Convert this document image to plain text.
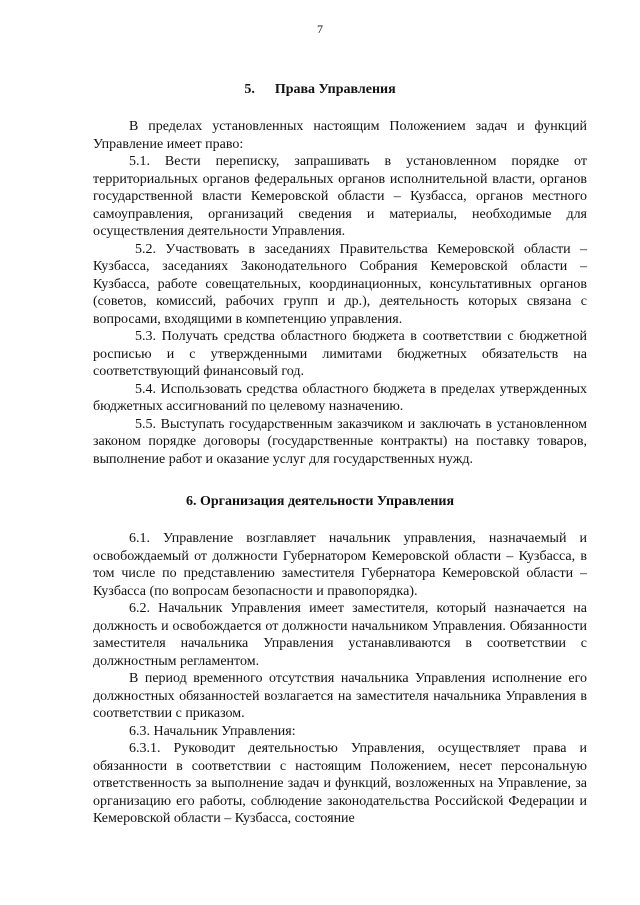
7
5. Права Управления

В пределах установленных настоящим Положением задач и функций Управление имеет право:

5.1. Вести переписку, запрашивать в установленном порядке от территориальных органов федеральных органов исполнительной власти, органов государственной власти Кемеровской области – Кузбасса, органов местного самоуправления, организаций сведения и материалы, необходимые для осуществления деятельности Управления.

5.2. Участвовать в заседаниях Правительства Кемеровской области – Кузбасса, заседаниях Законодательного Собрания Кемеровской области – Кузбасса, работе совещательных, координационных, консультативных органов (советов, комиссий, рабочих групп и др.), деятельность которых связана с вопросами, входящими в компетенцию управления.

5.3. Получать средства областного бюджета в соответствии с бюджетной росписью и с утвержденными лимитами бюджетных обязательств на соответствующий финансовый год.

5.4. Использовать средства областного бюджета в пределах утвержденных бюджетных ассигнований по целевому назначению.

5.5. Выступать государственным заказчиком и заключать в установленном законом порядке договоры (государственные контракты) на поставку товаров, выполнение работ и оказание услуг для государственных нужд.

6. Организация деятельности Управления

6.1. Управление возглавляет начальник управления, назначаемый и освобождаемый от должности Губернатором Кемеровской области – Кузбасса, в том числе по представлению заместителя Губернатора Кемеровской области – Кузбасса (по вопросам безопасности и правопорядка).

6.2. Начальник Управления имеет заместителя, который назначается на должность и освобождается от должности начальником Управления. Обязанности заместителя начальника Управления устанавливаются в соответствии с должностным регламентом.

В период временного отсутствия начальника Управления исполнение его должностных обязанностей возлагается на заместителя начальника Управления в соответствии с приказом.

6.3. Начальник Управления:

6.3.1. Руководит деятельностью Управления, осуществляет права и обязанности в соответствии с настоящим Положением, несет персональную ответственность за выполнение задач и функций, возложенных на Управление, за организацию его работы, соблюдение законодательства Российской Федерации и Кемеровской области – Кузбасса, состояние
